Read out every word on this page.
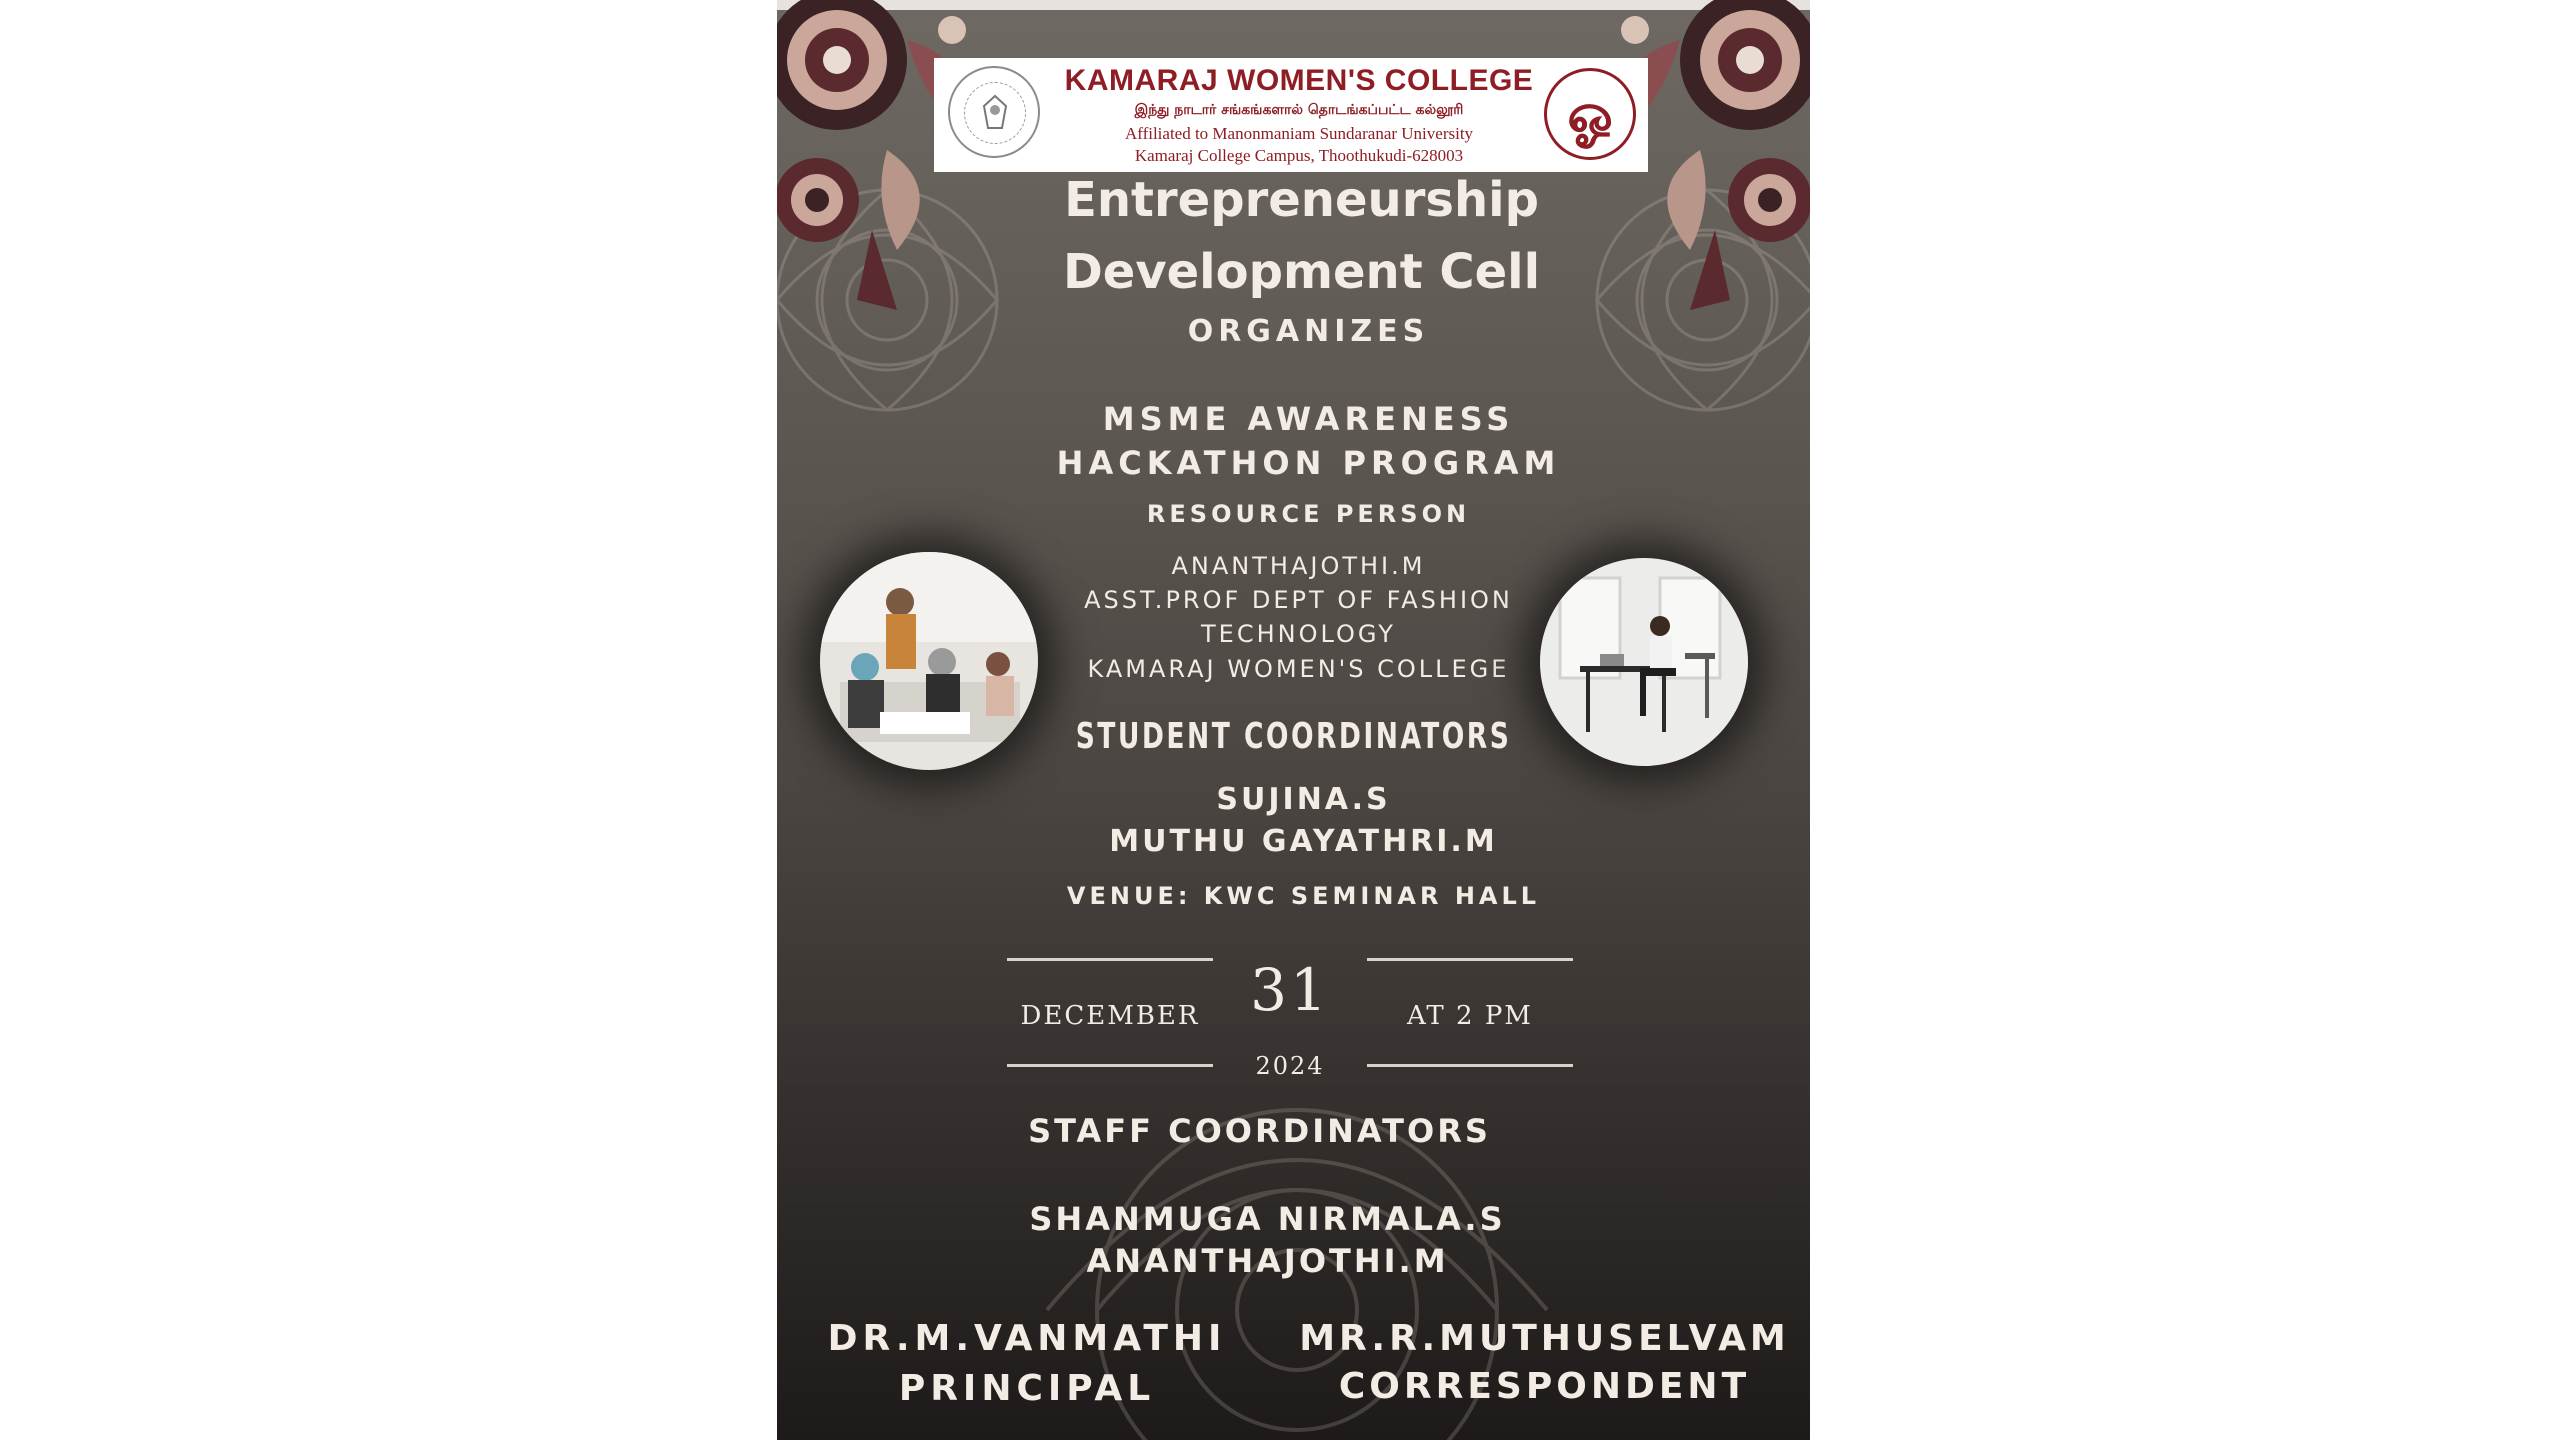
KAMARAJ WOMEN'S COLLEGE
இந்து நாடார் சங்கங்களால் தொடங்கப்பட்ட கல்லூரி
Affiliated to Manonmaniam Sundaranar University
Kamaraj College Campus, Thoothukudi-628003
ஓ
Entrepreneurship
Development Cell
ORGANIZES
MSME AWARENESS
HACKATHON PROGRAM
RESOURCE PERSON
ANANTHAJOTHI.M
ASST.PROF DEPT OF FASHION
TECHNOLOGY
KAMARAJ WOMEN'S COLLEGE
STUDENT COORDINATORS
SUJINA.S
MUTHU GAYATHRI.M
VENUE: KWC SEMINAR HALL
DECEMBER 31	AT 2 PM
2024
STAFF COORDINATORS
SHANMUGA NIRMALA.S
ANANTHAJOTHI.M
DR.M.VANMATHI
PRINCIPAL
MR.R.MUTHUSELVAM
CORRESPONDENT
